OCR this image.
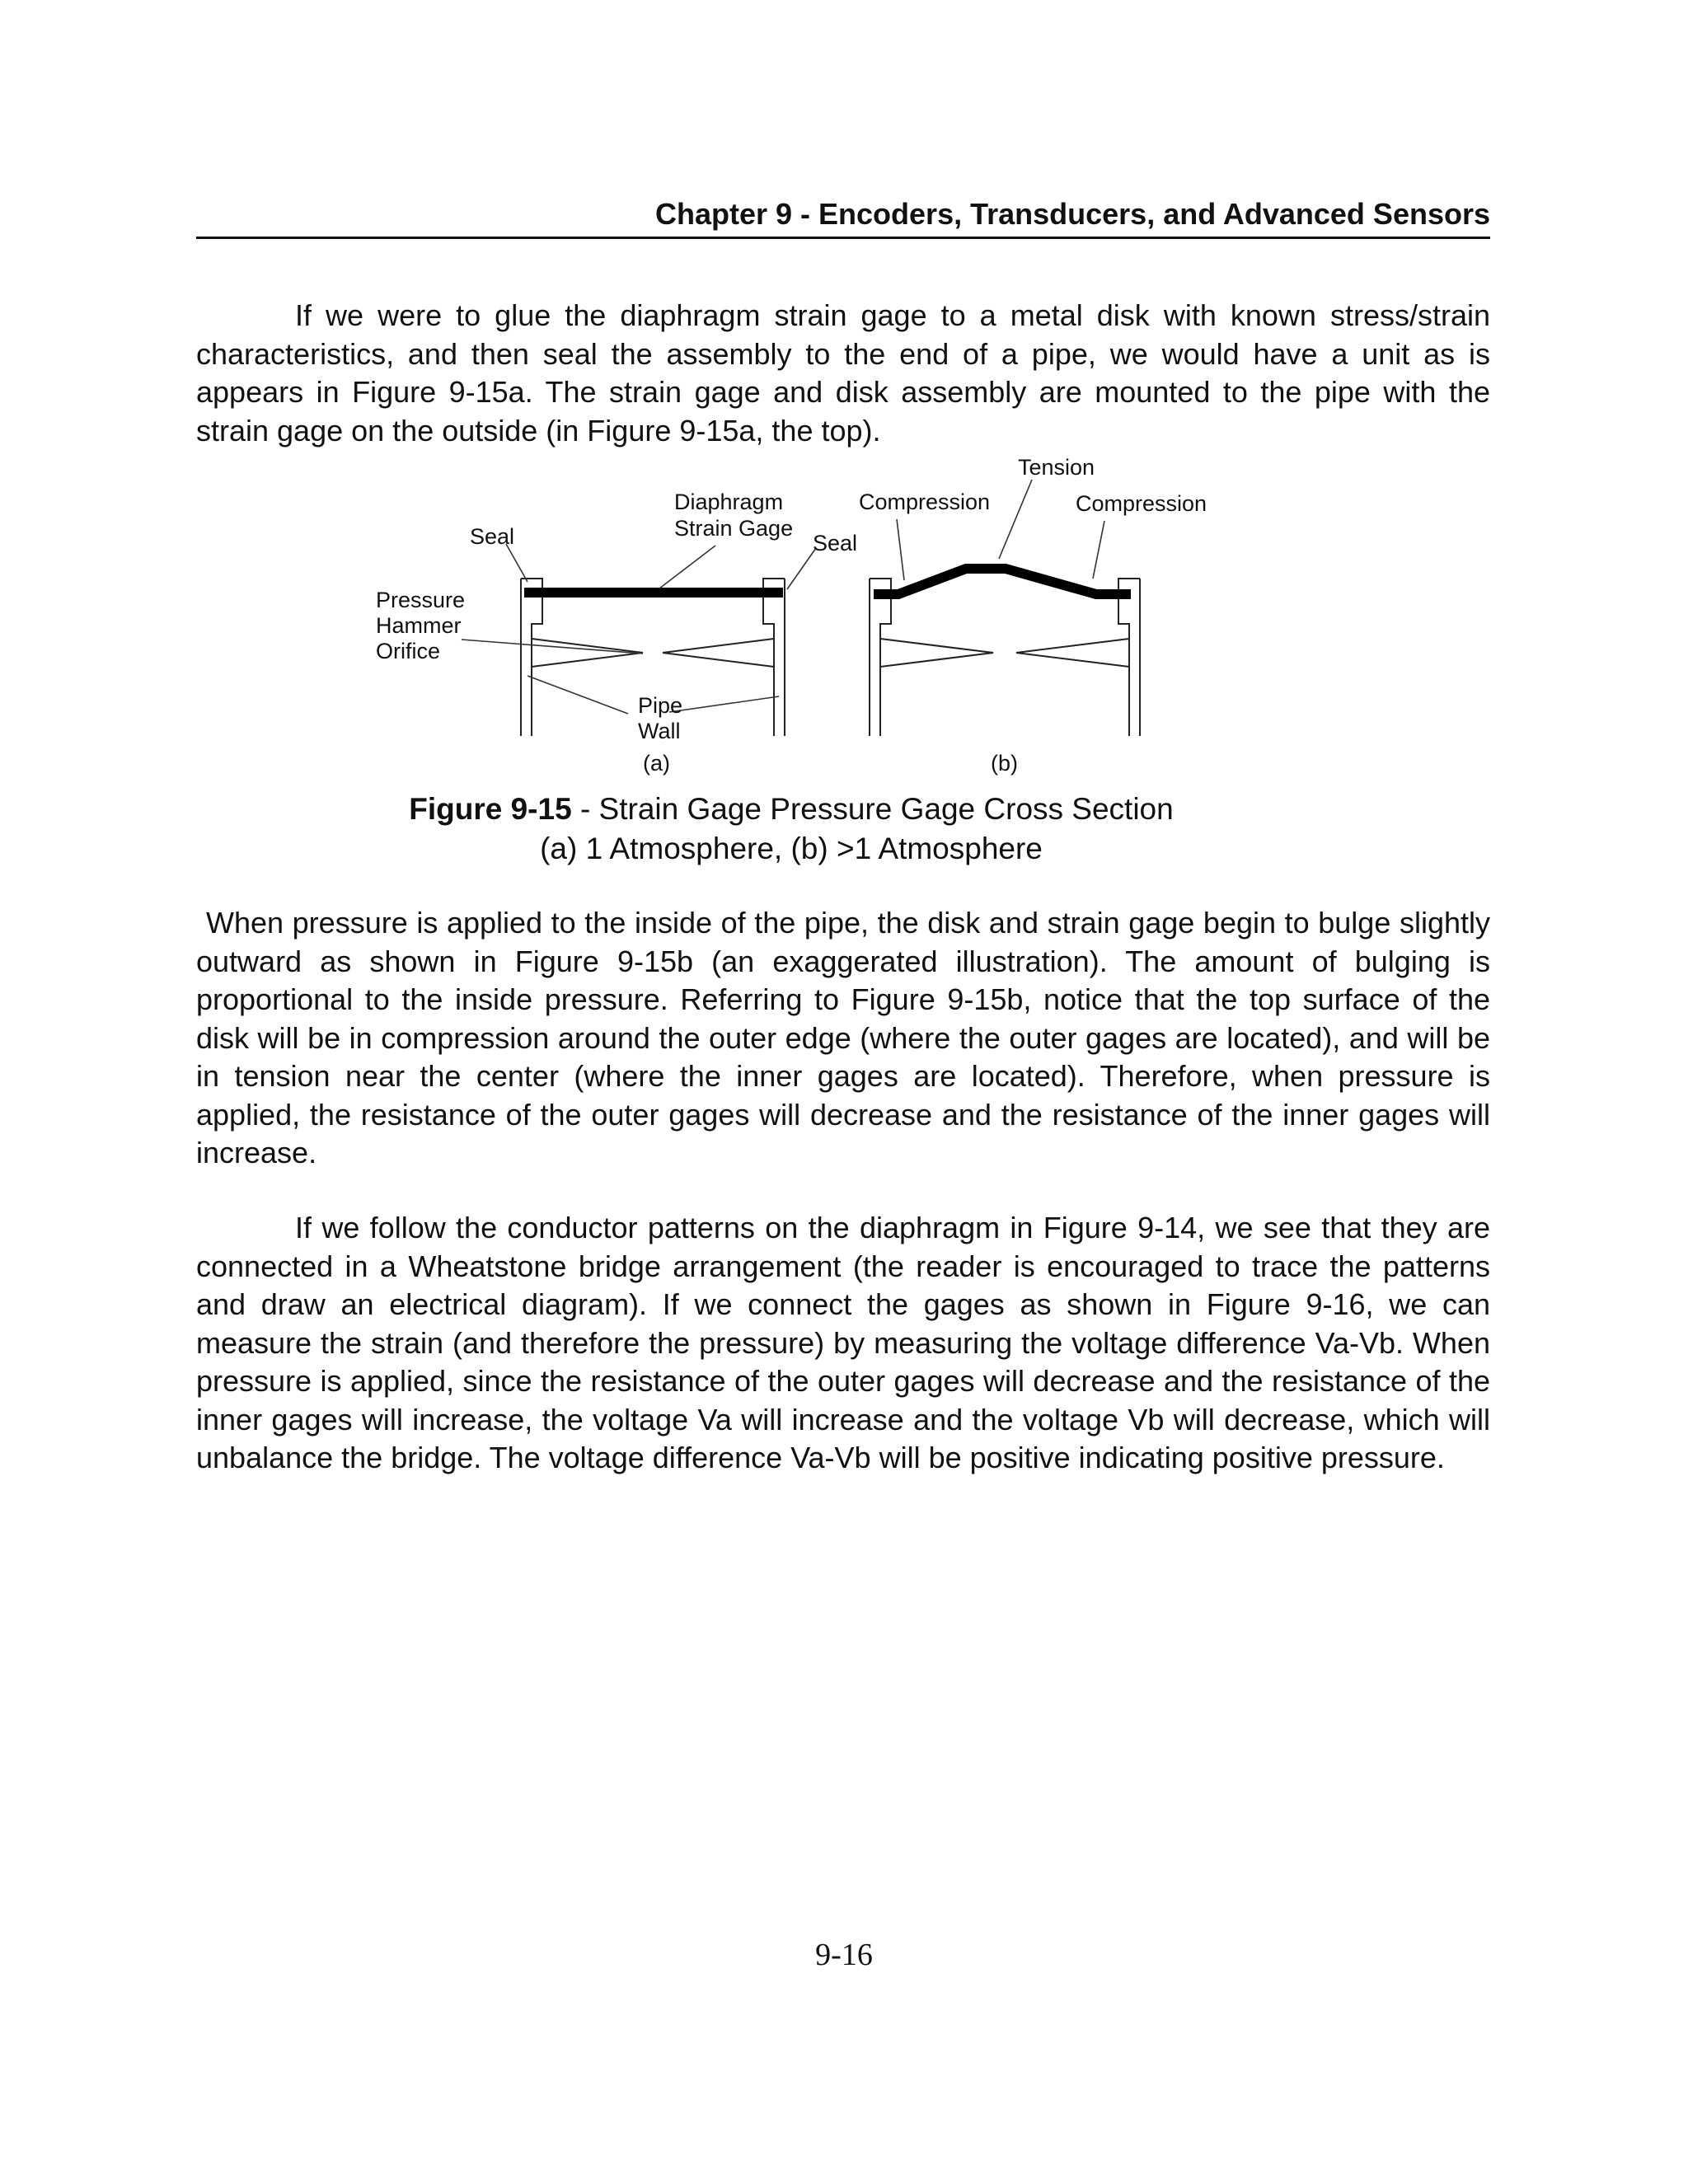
Chapter 9 - Encoders, Transducers, and Advanced Sensors

If we were to glue the diaphragm strain gage to a metal disk with known stress/strain characteristics, and then seal the assembly to the end of a pipe, we would have a unit as is appears in Figure 9-15a. The strain gage and disk assembly are mounted to the pipe with the strain gage on the outside (in Figure 9-15a, the top).

Seal
Diaphragm
Strain Gage
Seal
Pressure
Hammer
Orifice
Pipe
Wall
(a)
Compression
Tension
Compression
(b)
Figure 9-15 - Strain Gage Pressure Gage Cross Section
(a) 1 Atmosphere, (b) >1 Atmosphere

When pressure is applied to the inside of the pipe, the disk and strain gage begin to bulge slightly outward as shown in Figure 9-15b (an exaggerated illustration). The amount of bulging is proportional to the inside pressure. Referring to Figure 9-15b, notice that the top surface of the disk will be in compression around the outer edge (where the outer gages are located), and will be in tension near the center (where the inner gages are located). Therefore, when pressure is applied, the resistance of the outer gages will decrease and the resistance of the inner gages will increase.

If we follow the conductor patterns on the diaphragm in Figure 9-14, we see that they are connected in a Wheatstone bridge arrangement (the reader is encouraged to trace the patterns and draw an electrical diagram). If we connect the gages as shown in Figure 9-16, we can measure the strain (and therefore the pressure) by measuring the voltage difference Va-Vb. When pressure is applied, since the resistance of the outer gages will decrease and the resistance of the inner gages will increase, the voltage Va will increase and the voltage Vb will decrease, which will unbalance the bridge. The voltage difference Va-Vb will be positive indicating positive pressure.

9-16
